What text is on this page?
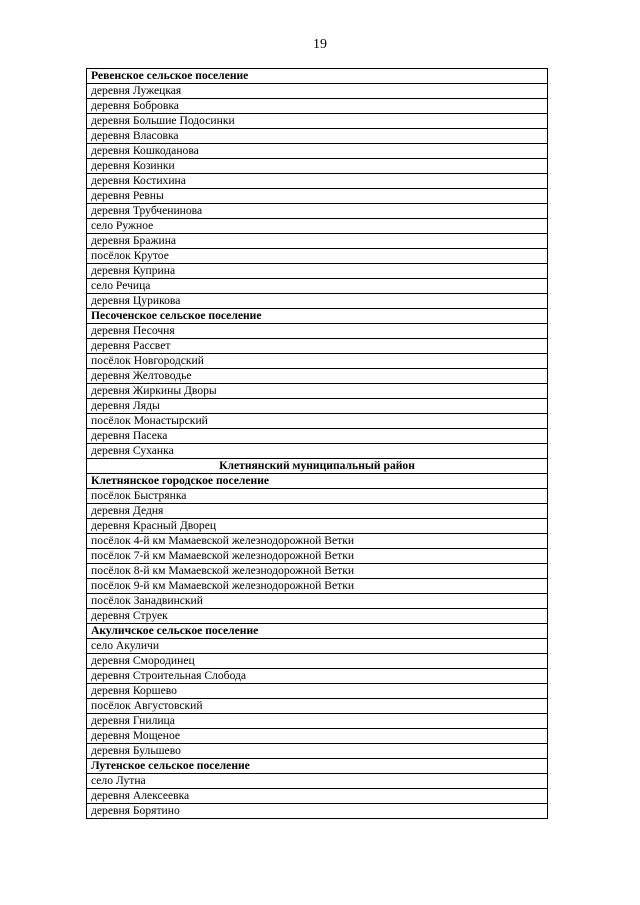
19
Ревенское сельское поселение
деревня Лужецкая
деревня Бобровка
деревня Большие Подосинки
деревня Власовка
деревня Кошкоданова
деревня Козинки
деревня Костихина
деревня Ревны
деревня Трубченинова
село Ружное
деревня Бражина
посёлок Крутое
деревня Куприна
село Речица
деревня Цурикова
Песоченское сельское поселение
деревня Песочня
деревня Рассвет
посёлок Новгородский
деревня Желтоводье
деревня Жиркины Дворы
деревня Ляды
посёлок Монастырский
деревня Пасека
деревня Суханка
Клетнянский муниципальный район
Клетнянское городское поселение
посёлок Быстрянка
деревня Дедня
деревня Красный Дворец
посёлок 4-й км Мамаевской железнодорожной Ветки
посёлок 7-й км Мамаевской железнодорожной Ветки
посёлок 8-й км Мамаевской железнодорожной Ветки
посёлок 9-й км Мамаевской железнодорожной Ветки
посёлок Занадвинский
деревня Струек
Акуличское сельское поселение
село Акуличи
деревня Смородинец
деревня Строительная Слобода
деревня Коршево
посёлок Августовский
деревня Гнилица
деревня Мощеное
деревня Бульшево
Лутенское сельское поселение
село Лутна
деревня Алексеевка
деревня Борятино
